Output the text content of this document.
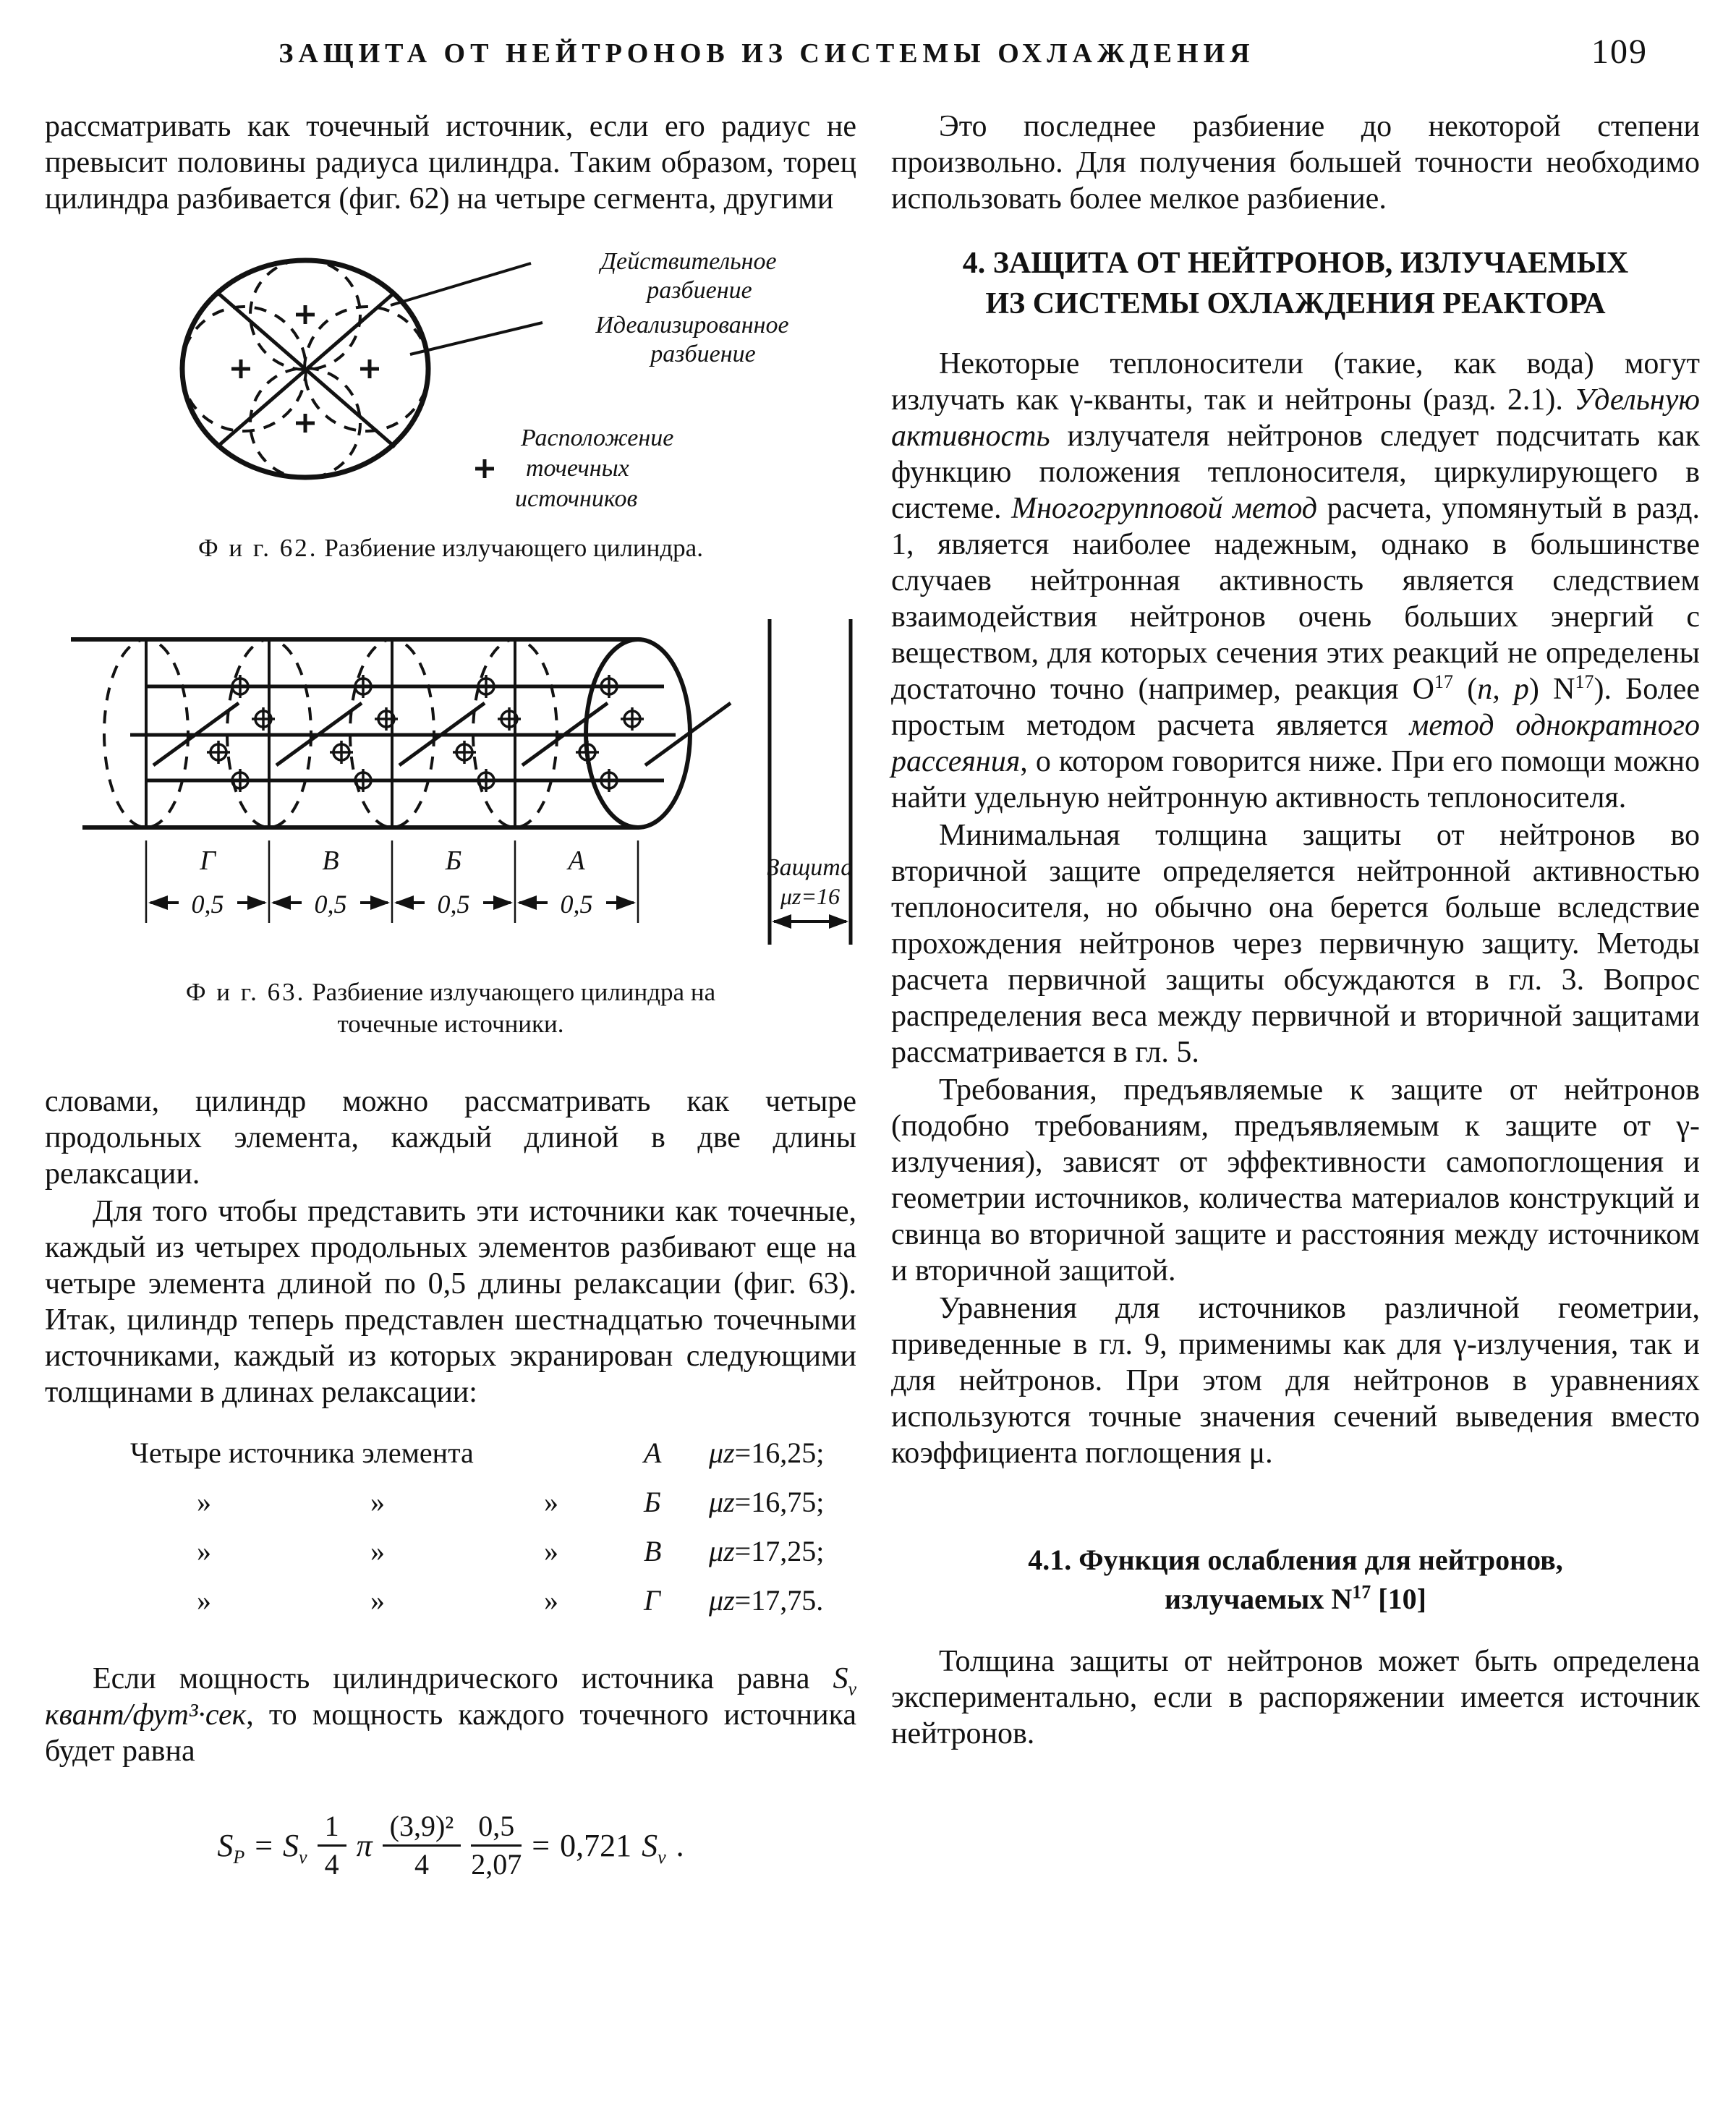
ЗАЩИТА ОТ НЕЙТРОНОВ ИЗ СИСТЕМЫ ОХЛАЖДЕНИЯ	109

рассматривать как точечный источник, если его радиус не превысит половины радиуса цилиндра. Таким образом, торец цилиндра разбивается (фиг. 62) на четыре сегмента, другими

Действительное
разбиение
Идеализированное
разбиение
Расположение
точечных
источников
Ф и г. 62. Разбиение излучающего цилиндра.
Г	В	Б	А
0,5	0,5	0,5	0,5
Защита
μz=16
Ф и г. 63. Разбиение излучающего цилиндра на точечные источники.

словами, цилиндр можно рассматривать как четыре продольных элемента, каждый длиной в две длины релаксации.

Для того чтобы представить эти источники как точечные, каждый из четырех продольных элементов разбивают еще на четыре элемента длиной по 0,5 длины релаксации (фиг. 63). Итак, цилиндр теперь представлен шестнадцатью точечными источниками, каждый из которых экранирован следующими толщинами в длинах релаксации:

Четыре источника элемента	А μz=16,25;
»	»	»	Б μz=16,75;
»	»	»	В μz=17,25;
»	»	»	Г μz=17,75.

Если мощность цилиндрического источника равна $S_\nu$ квант/фут³·сек, то мощность каждого точечного источника будет равна

$S_P = S_\nu \frac{1}{4}$ π $\frac{\text{(3,9)²}}{4} \frac{0,5}{2,07} = 0,721$ $S_\nu$ .

Это последнее разбиение до некоторой степени произвольно. Для получения большей точности необходимо использовать более мелкое разбиение.

4. ЗАЩИТА ОТ НЕЙТРОНОВ, ИЗЛУЧАЕМЫХ
ИЗ СИСТЕМЫ ОХЛАЖДЕНИЯ РЕАКТОРА

Некоторые теплоносители (такие, как вода) могут излучать как γ-кванты, так и нейтроны (разд. 2.1). Удельную активность излучателя нейтронов следует подсчитать как функцию положения теплоносителя, циркулирующего в системе. Многогрупповой метод расчета, упомянутый в разд. 1, является наиболее надежным, однако в большинстве случаев нейтронная активность является следствием взаимодействия нейтронов очень больших энергий с веществом, для которых сечения этих реакций не определены достаточно точно (например, реакция $O^{17}$ (n, p) $N^{17}$). Более простым методом расчета является метод однократного рассеяния, о котором говорится ниже. При его помощи можно найти удельную нейтронную активность теплоносителя.

Минимальная толщина защиты от нейтронов во вторичной защите определяется нейтронной активностью теплоносителя, но обычно она берется больше вследствие прохождения нейтронов через первичную защиту. Методы расчета первичной защиты обсуждаются в гл. 3. Вопрос распределения веса между первичной и вторичной защитами рассматривается в гл. 5.

Требования, предъявляемые к защите от нейтронов (подобно требованиям, предъявляемым к защите от γ-излучения), зависят от эффективности самопоглощения и геометрии источников, количества материалов конструкций и свинца во вторичной защите и расстояния между источником и вторичной защитой.

Уравнения для источников различной геометрии, приведенные в гл. 9, применимы как для γ-излучения, так и для нейтронов. При этом для нейтронов в уравнениях используются точные значения сечений выведения вместо коэффициента поглощения μ.

4.1. Функция ослабления для нейтронов,
излучаемых $N^{17}$ [10]

Толщина защиты от нейтронов может быть определена экспериментально, если в распоряжении имеется источник нейтронов.
